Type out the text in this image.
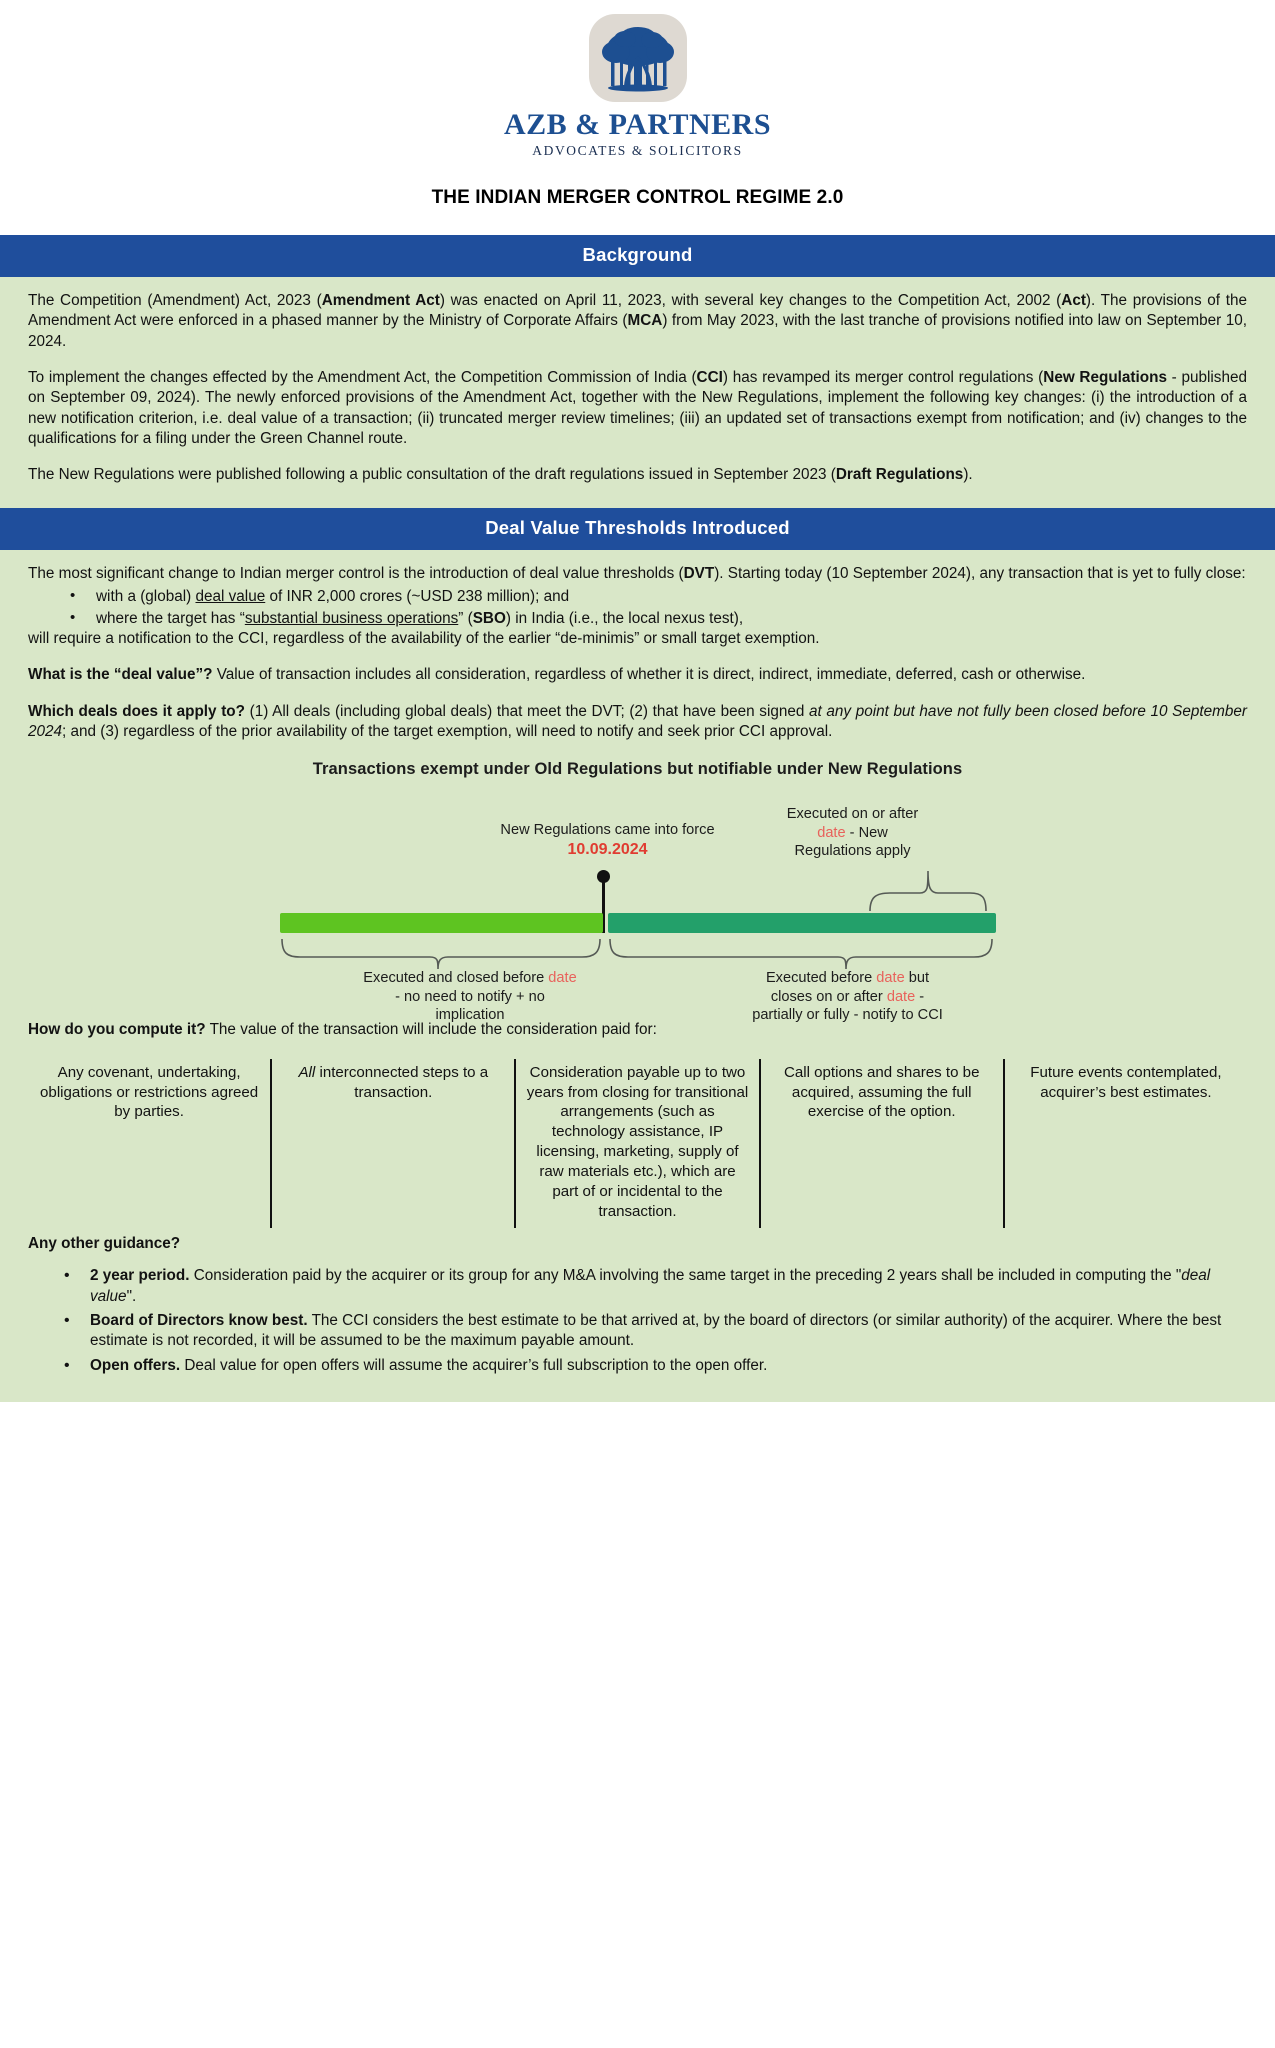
AZB & PARTNERS
ADVOCATES & SOLICITORS
THE INDIAN MERGER CONTROL REGIME 2.0
Background

The Competition (Amendment) Act, 2023 (Amendment Act) was enacted on April 11, 2023, with several key changes to the Competition Act, 2002 (Act). The provisions of the Amendment Act were enforced in a phased manner by the Ministry of Corporate Affairs (MCA) from May 2023, with the last tranche of provisions notified into law on September 10, 2024.

To implement the changes effected by the Amendment Act, the Competition Commission of India (CCI) has revamped its merger control regulations (New Regulations - published on September 09, 2024). The newly enforced provisions of the Amendment Act, together with the New Regulations, implement the following key changes: (i) the introduction of a new notification criterion, i.e. deal value of a transaction; (ii) truncated merger review timelines; (iii) an updated set of transactions exempt from notification; and (iv) changes to the qualifications for a filing under the Green Channel route.

The New Regulations were published following a public consultation of the draft regulations issued in September 2023 (Draft Regulations).

Deal Value Thresholds Introduced

The most significant change to Indian merger control is the introduction of deal value thresholds (DVT). Starting today (10 September 2024), any transaction that is yet to fully close:

• with a (global) deal value of INR 2,000 crores (~USD 238 million); and
• where the target has “substantial business operations” (SBO) in India (i.e., the local nexus test),

will require a notification to the CCI, regardless of the availability of the earlier “de-minimis” or small target exemption.

What is the “deal value”? Value of transaction includes all consideration, regardless of whether it is direct, indirect, immediate, deferred, cash or otherwise.

Which deals does it apply to? (1) All deals (including global deals) that meet the DVT; (2) that have been signed at any point but have not fully been closed before 10 September 2024; and (3) regardless of the prior availability of the target exemption, will need to notify and seek prior CCI approval.

Transactions exempt under Old Regulations but notifiable under New Regulations
New Regulations came into force
10.09.2024
Executed on or after
date - New
Regulations apply
Executed and closed before date
- no need to notify + no
implication
Executed before date but
closes on or after date -
partially or fully - notify to CCI

How do you compute it? The value of the transaction will include the consideration paid for:

Any covenant, undertaking, obligations or restrictions agreed by parties.
All interconnected steps to a transaction.
Consideration payable up to two years from closing for transitional arrangements (such as technology assistance, IP licensing, marketing, supply of raw materials etc.), which are part of or incidental to the transaction.
Call options and shares to be acquired, assuming the full exercise of the option.
Future events contemplated, acquirer’s best estimates.

Any other guidance?

• 2 year period. Consideration paid by the acquirer or its group for any M&A involving the same target in the preceding 2 years shall be included in computing the "deal value".
• Board of Directors know best. The CCI considers the best estimate to be that arrived at, by the board of directors (or similar authority) of the acquirer. Where the best estimate is not recorded, it will be assumed to be the maximum payable amount.
• Open offers. Deal value for open offers will assume the acquirer’s full subscription to the open offer.
